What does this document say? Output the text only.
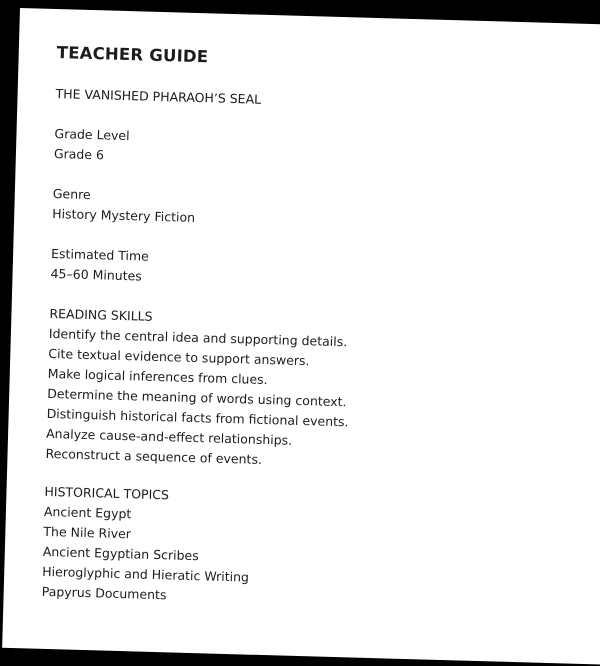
TEACHER GUIDE
THE VANISHED PHARAOH’S SEAL
Grade Level
Grade 6
Genre
History Mystery Fiction
Estimated Time
45–60 Minutes
READING SKILLS
Identify the central idea and supporting details.
Cite textual evidence to support answers.
Make logical inferences from clues.
Determine the meaning of words using context.
Distinguish historical facts from fictional events.
Analyze cause-and-effect relationships.
Reconstruct a sequence of events.
HISTORICAL TOPICS
Ancient Egypt
The Nile River
Ancient Egyptian Scribes
Hieroglyphic and Hieratic Writing
Papyrus Documents
